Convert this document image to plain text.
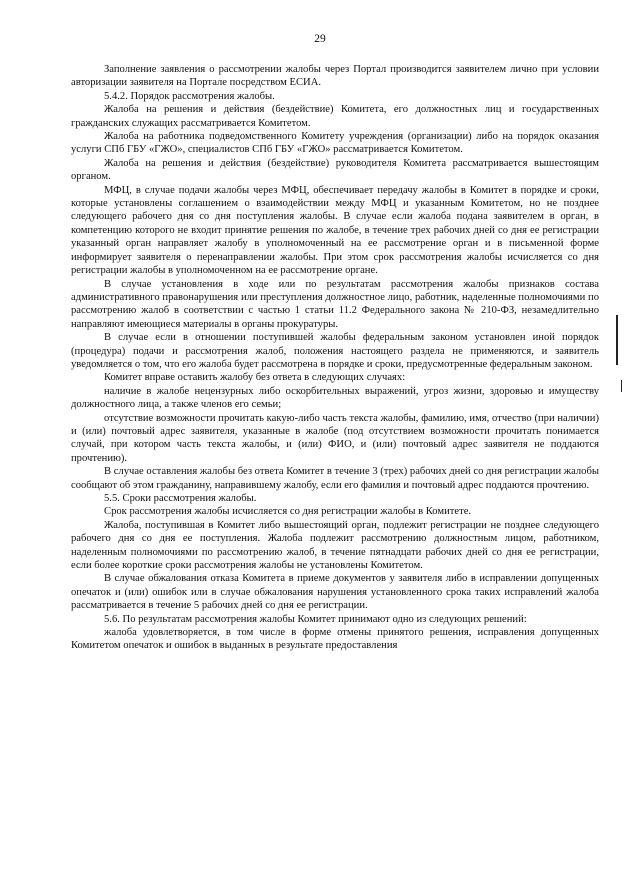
29

Заполнение заявления о рассмотрении жалобы через Портал производится заявителем лично при условии авторизации заявителя на Портале посредством ЕСИА.

5.4.2. Порядок рассмотрения жалобы.

Жалоба на решения и действия (бездействие) Комитета, его должностных лиц и государственных гражданских служащих рассматривается Комитетом.

Жалоба на работника подведомственного Комитету учреждения (организации) либо на порядок оказания услуги СПб ГБУ «ГЖО», специалистов СПб ГБУ «ГЖО» рассматривается Комитетом.

Жалоба на решения и действия (бездействие) руководителя Комитета рассматривается вышестоящим органом.

МФЦ, в случае подачи жалобы через МФЦ, обеспечивает передачу жалобы в Комитет в порядке и сроки, которые установлены соглашением о взаимодействии между МФЦ и указанным Комитетом, но не позднее следующего рабочего дня со дня поступления жалобы. В случае если жалоба подана заявителем в орган, в компетенцию которого не входит принятие решения по жалобе, в течение трех рабочих дней со дня ее регистрации указанный орган направляет жалобу в уполномоченный на ее рассмотрение орган и в письменной форме информирует заявителя о перенаправлении жалобы. При этом срок рассмотрения жалобы исчисляется со дня регистрации жалобы в уполномоченном на ее рассмотрение органе.

В случае установления в ходе или по результатам рассмотрения жалобы признаков состава административного правонарушения или преступления должностное лицо, работник, наделенные полномочиями по рассмотрению жалоб в соответствии с частью 1 статьи 11.2 Федерального закона № 210-ФЗ, незамедлительно направляют имеющиеся материалы в органы прокуратуры.

В случае если в отношении поступившей жалобы федеральным законом установлен иной порядок (процедура) подачи и рассмотрения жалоб, положения настоящего раздела не применяются, и заявитель уведомляется о том, что его жалоба будет рассмотрена в порядке и сроки, предусмотренные федеральным законом.

Комитет вправе оставить жалобу без ответа в следующих случаях:

наличие в жалобе нецензурных либо оскорбительных выражений, угроз жизни, здоровью и имуществу должностного лица, а также членов его семьи;

отсутствие возможности прочитать какую-либо часть текста жалобы, фамилию, имя, отчество (при наличии) и (или) почтовый адрес заявителя, указанные в жалобе (под отсутствием возможности прочитать понимается случай, при котором часть текста жалобы, и (или) ФИО, и (или) почтовый адрес заявителя не поддаются прочтению).

В случае оставления жалобы без ответа Комитет в течение 3 (трех) рабочих дней со дня регистрации жалобы сообщают об этом гражданину, направившему жалобу, если его фамилия и почтовый адрес поддаются прочтению.

5.5. Сроки рассмотрения жалобы.

Срок рассмотрения жалобы исчисляется со дня регистрации жалобы в Комитете.

Жалоба, поступившая в Комитет либо вышестоящий орган, подлежит регистрации не позднее следующего рабочего дня со дня ее поступления. Жалоба подлежит рассмотрению должностным лицом, работником, наделенным полномочиями по рассмотрению жалоб, в течение пятнадцати рабочих дней со дня ее регистрации, если более короткие сроки рассмотрения жалобы не установлены Комитетом.

В случае обжалования отказа Комитета в приеме документов у заявителя либо в исправлении допущенных опечаток и (или) ошибок или в случае обжалования нарушения установленного срока таких исправлений жалоба рассматривается в течение 5 рабочих дней со дня ее регистрации.

5.6. По результатам рассмотрения жалобы Комитет принимают одно из следующих решений:

жалоба удовлетворяется, в том числе в форме отмены принятого решения, исправления допущенных Комитетом опечаток и ошибок в выданных в результате предоставления
